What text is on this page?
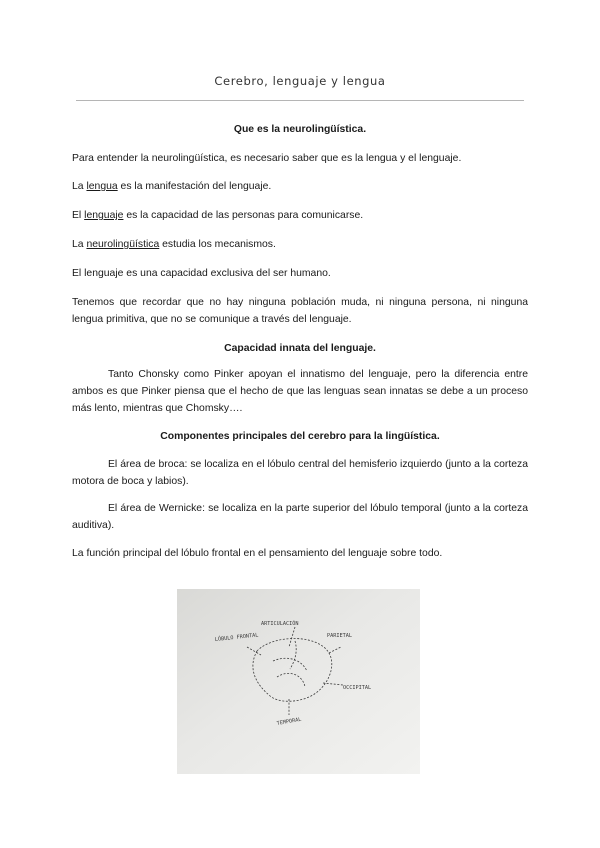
Cerebro, lenguaje y lengua
Que es la neurolingüística.
Para entender la neurolingüística, es necesario saber que es la lengua y el lenguaje.
La lengua es la manifestación del lenguaje.
El lenguaje es la capacidad de las personas para comunicarse.
La neurolingüística estudia los mecanismos.
El lenguaje es una capacidad exclusiva del ser humano.
Tenemos que recordar que no hay ninguna población muda, ni ninguna persona, ni ninguna lengua primitiva, que no se comunique a través del lenguaje.
Capacidad innata del lenguaje.
Tanto Chonsky como Pinker apoyan el innatismo del lenguaje, pero la diferencia entre ambos es que Pinker piensa que el hecho de que las lenguas sean innatas se debe a un proceso más lento, mientras que Chomsky….
Componentes principales del cerebro para la lingüística.
El área de broca: se localiza en el lóbulo central del hemisferio izquierdo (junto a la corteza motora de boca y labios).
El área de Wernicke: se localiza en la parte superior del lóbulo temporal (junto a la corteza auditiva).
La función principal del lóbulo frontal en el pensamiento del lenguaje sobre todo.
ARTICULACIÓN
LÓBULO FRONTAL	PARIETAL
TEMPORAL
OCCIPITAL
